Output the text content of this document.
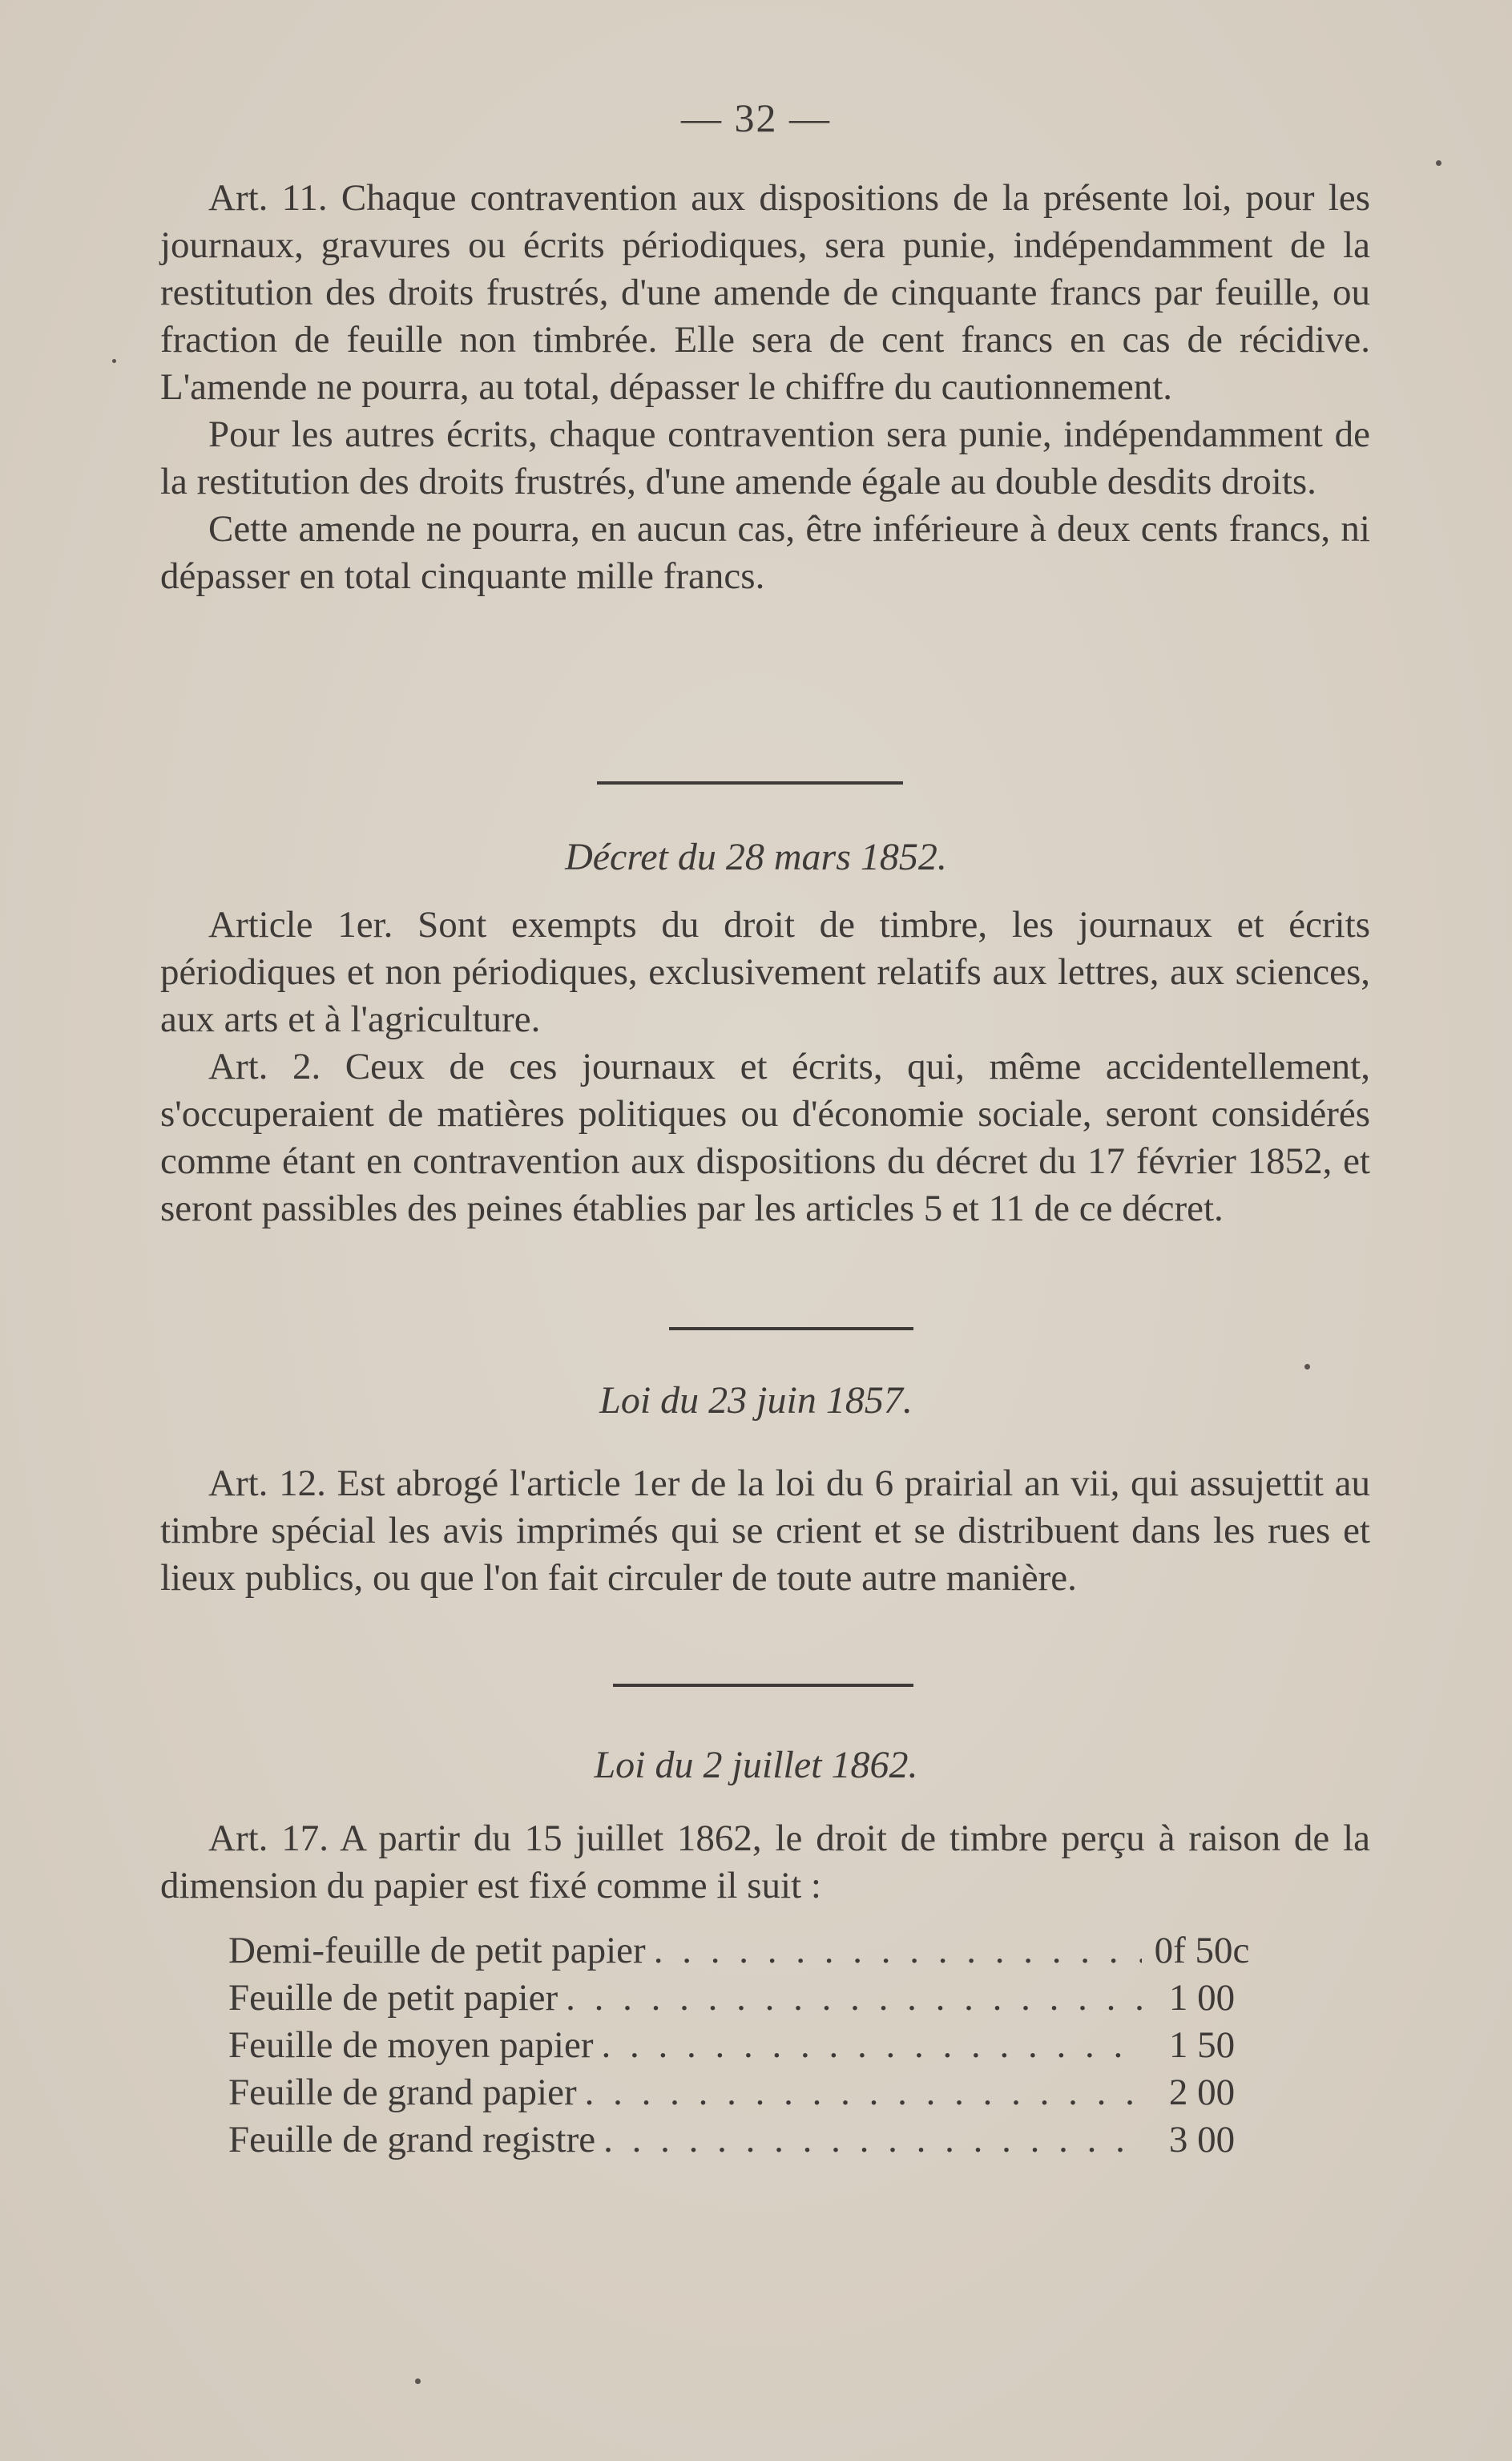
— 32 —

Art. 11. Chaque contravention aux dispositions de la présente loi, pour les journaux, gravures ou écrits périodiques, sera punie, indépendamment de la restitution des droits frustrés, d'une amende de cinquante francs par feuille, ou fraction de feuille non timbrée. Elle sera de cent francs en cas de récidive. L'amende ne pourra, au total, dépasser le chiffre du cautionnement.

Pour les autres écrits, chaque contravention sera punie, indépendamment de la restitution des droits frustrés, d'une amende égale au double desdits droits.

Cette amende ne pourra, en aucun cas, être inférieure à deux cents francs, ni dépasser en total cinquante mille francs.

Décret du 28 mars 1852.

Article 1er. Sont exempts du droit de timbre, les journaux et écrits périodiques et non périodiques, exclusivement relatifs aux lettres, aux sciences, aux arts et à l'agriculture.

Art. 2. Ceux de ces journaux et écrits, qui, même accidentellement, s'occuperaient de matières politiques ou d'économie sociale, seront considérés comme étant en contravention aux dispositions du décret du 17 février 1852, et seront passibles des peines établies par les articles 5 et 11 de ce décret.

Loi du 23 juin 1857.

Art. 12. Est abrogé l'article 1er de la loi du 6 prairial an vii, qui assujettit au timbre spécial les avis imprimés qui se crient et se distribuent dans les rues et lieux publics, ou que l'on fait circuler de toute autre manière.

Loi du 2 juillet 1862.

Art. 17. A partir du 15 juillet 1862, le droit de timbre perçu à raison de la dimension du papier est fixé comme il suit :

Demi-feuille de petit papier . . .	0f 50c
Feuille de petit papier . . .	1 00
Feuille de moyen papier . . .	1 50
Feuille de grand papier . . .	2 00
Feuille de grand registre . . .	3 00
